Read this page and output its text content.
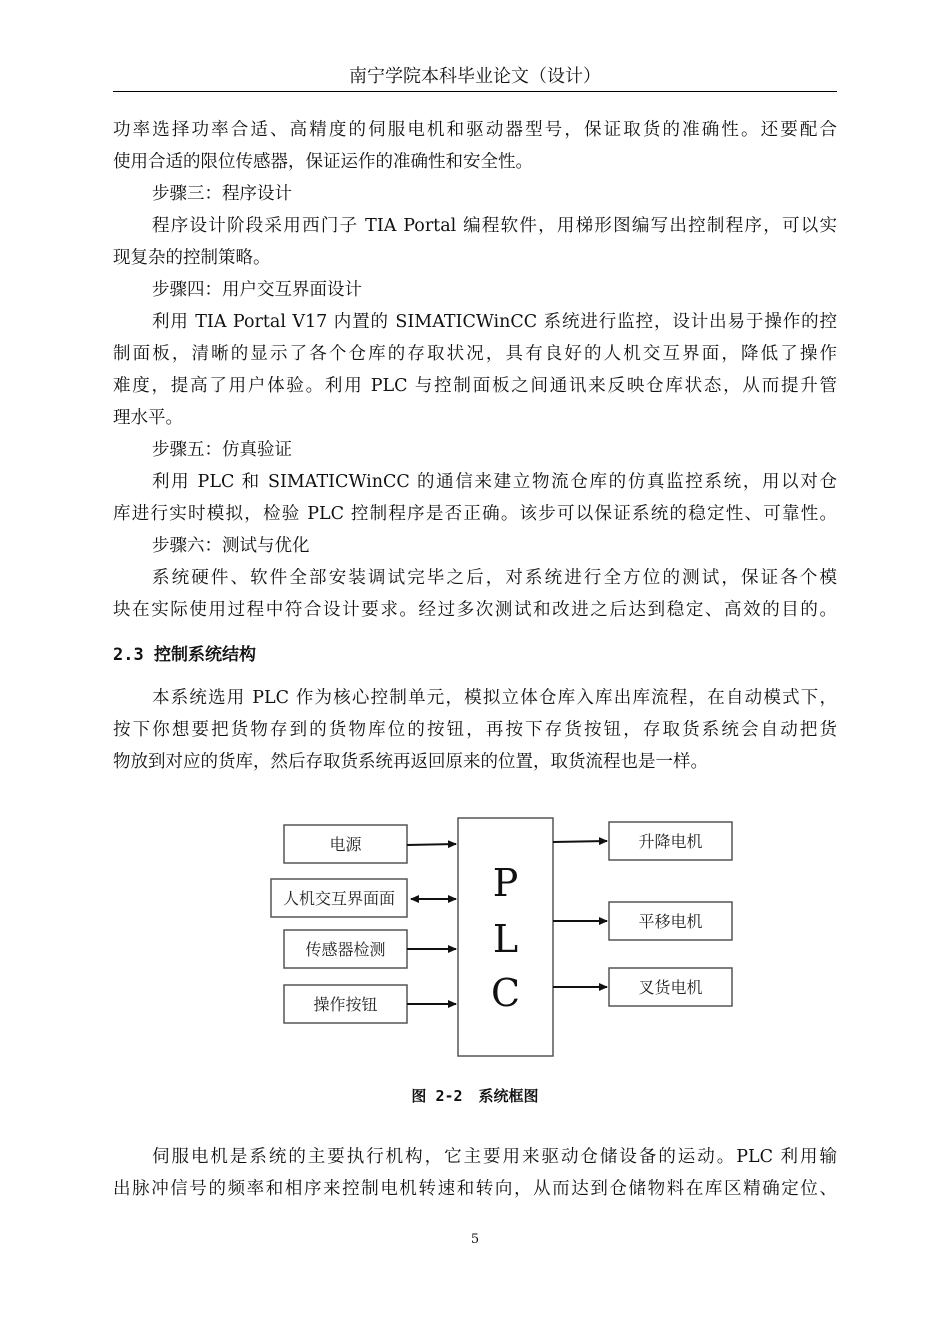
南宁学院本科毕业论文（设计）
功率选择功率合适、高精度的伺服电机和驱动器型号，保证取货的准确性。还要配合
使用合适的限位传感器，保证运作的准确性和安全性。
步骤三：程序设计
程序设计阶段采用西门子 TIA Portal 编程软件，用梯形图编写出控制程序，可以实
现复杂的控制策略。
步骤四：用户交互界面设计
利用 TIA Portal V17 内置的 SIMATICWinCC 系统进行监控，设计出易于操作的控
制面板，清晰的显示了各个仓库的存取状况，具有良好的人机交互界面，降低了操作
难度，提高了用户体验。利用 PLC 与控制面板之间通讯来反映仓库状态，从而提升管
理水平。
步骤五：仿真验证
利用 PLC 和 SIMATICWinCC 的通信来建立物流仓库的仿真监控系统，用以对仓
库进行实时模拟，检验 PLC 控制程序是否正确。该步可以保证系统的稳定性、可靠性。
步骤六：测试与优化
系统硬件、软件全部安装调试完毕之后，对系统进行全方位的测试，保证各个模
块在实际使用过程中符合设计要求。经过多次测试和改进之后达到稳定、高效的目的。
2.3 控制系统结构
本系统选用 PLC 作为核心控制单元，模拟立体仓库入库出库流程，在自动模式下，
按下你想要把货物存到的货物库位的按钮，再按下存货按钮，存取货系统会自动把货
物放到对应的货库，然后存取货系统再返回原来的位置，取货流程也是一样。
电源
人机交互界面面
传感器检测
操作按钮
P
L
C
升降电机
平移电机
叉货电机
图 2-2 系统框图
伺服电机是系统的主要执行机构，它主要用来驱动仓储设备的运动。PLC 利用输
出脉冲信号的频率和相序来控制电机转速和转向，从而达到仓储物料在库区精确定位、
5
